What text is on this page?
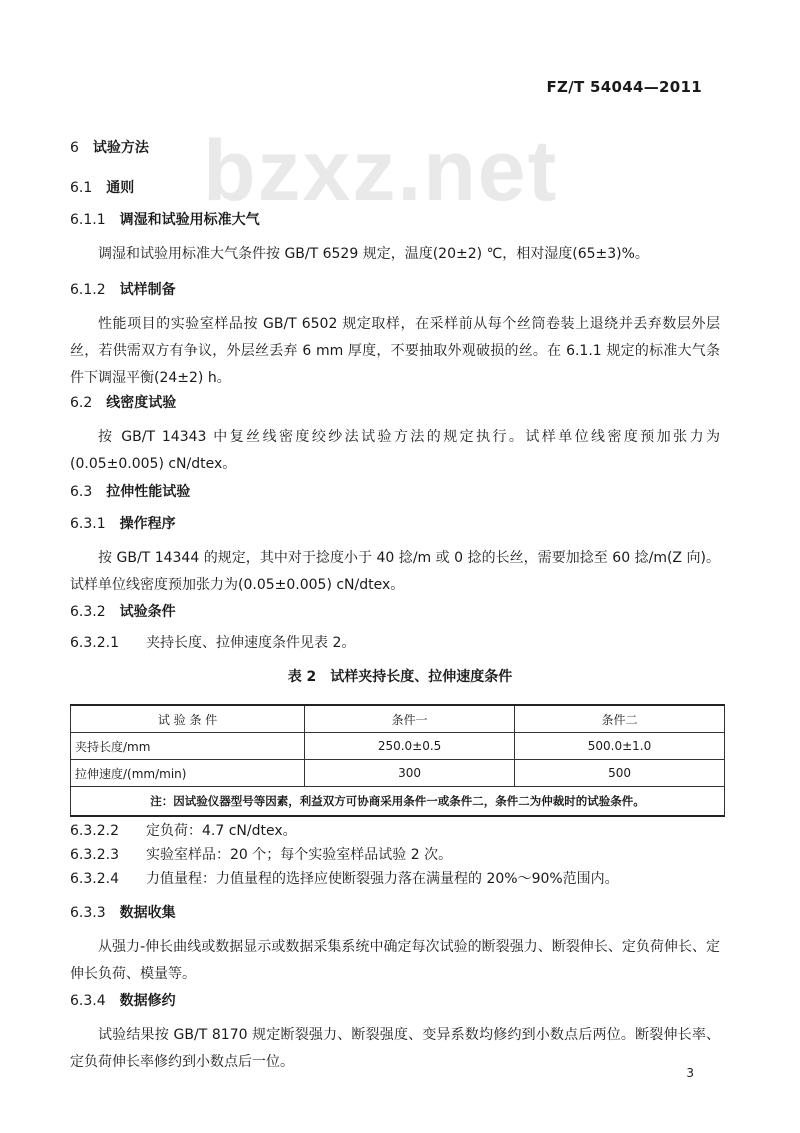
FZ/T 54044—2011
bzxz.net
6 试验方法
6.1 通则
6.1.1 调湿和试验用标准大气
调湿和试验用标准大气条件按 GB/T 6529 规定，温度(20±2) ℃，相对湿度(65±3)%。
6.1.2 试样制备
性能项目的实验室样品按 GB/T 6502 规定取样，在采样前从每个丝筒卷装上退绕并丢弃数层外层丝，若供需双方有争议，外层丝丢弃 6 mm 厚度，不要抽取外观破损的丝。在 6.1.1 规定的标准大气条件下调湿平衡(24±2) h。
6.2 线密度试验
按 GB/T 14343 中复丝线密度绞纱法试验方法的规定执行。试样单位线密度预加张力为(0.05±0.005) cN/dtex。
6.3 拉伸性能试验
6.3.1 操作程序
按 GB/T 14344 的规定，其中对于捻度小于 40 捻/m 或 0 捻的长丝，需要加捻至 60 捻/m(Z 向)。试样单位线密度预加张力为(0.05±0.005) cN/dtex。
6.3.2 试验条件
6.3.2.1 夹持长度、拉伸速度条件见表 2。
表 2　试样夹持长度、拉伸速度条件
试 验 条 件	条件一	条件二
夹持长度/mm	250.0±0.5	500.0±1.0
拉伸速度/(mm/min)	300	500
注：因试验仪器型号等因素，利益双方可协商采用条件一或条件二，条件二为仲裁时的试验条件。		
6.3.2.2 定负荷：4.7 cN/dtex。
6.3.2.3 实验室样品：20 个；每个实验室样品试验 2 次。
6.3.2.4 力值量程：力值量程的选择应使断裂强力落在满量程的 20%～90%范围内。
6.3.3 数据收集
从强力-伸长曲线或数据显示或数据采集系统中确定每次试验的断裂强力、断裂伸长、定负荷伸长、定伸长负荷、模量等。
6.3.4 数据修约
试验结果按 GB/T 8170 规定断裂强力、断裂强度、变异系数均修约到小数点后两位。断裂伸长率、定负荷伸长率修约到小数点后一位。
3
